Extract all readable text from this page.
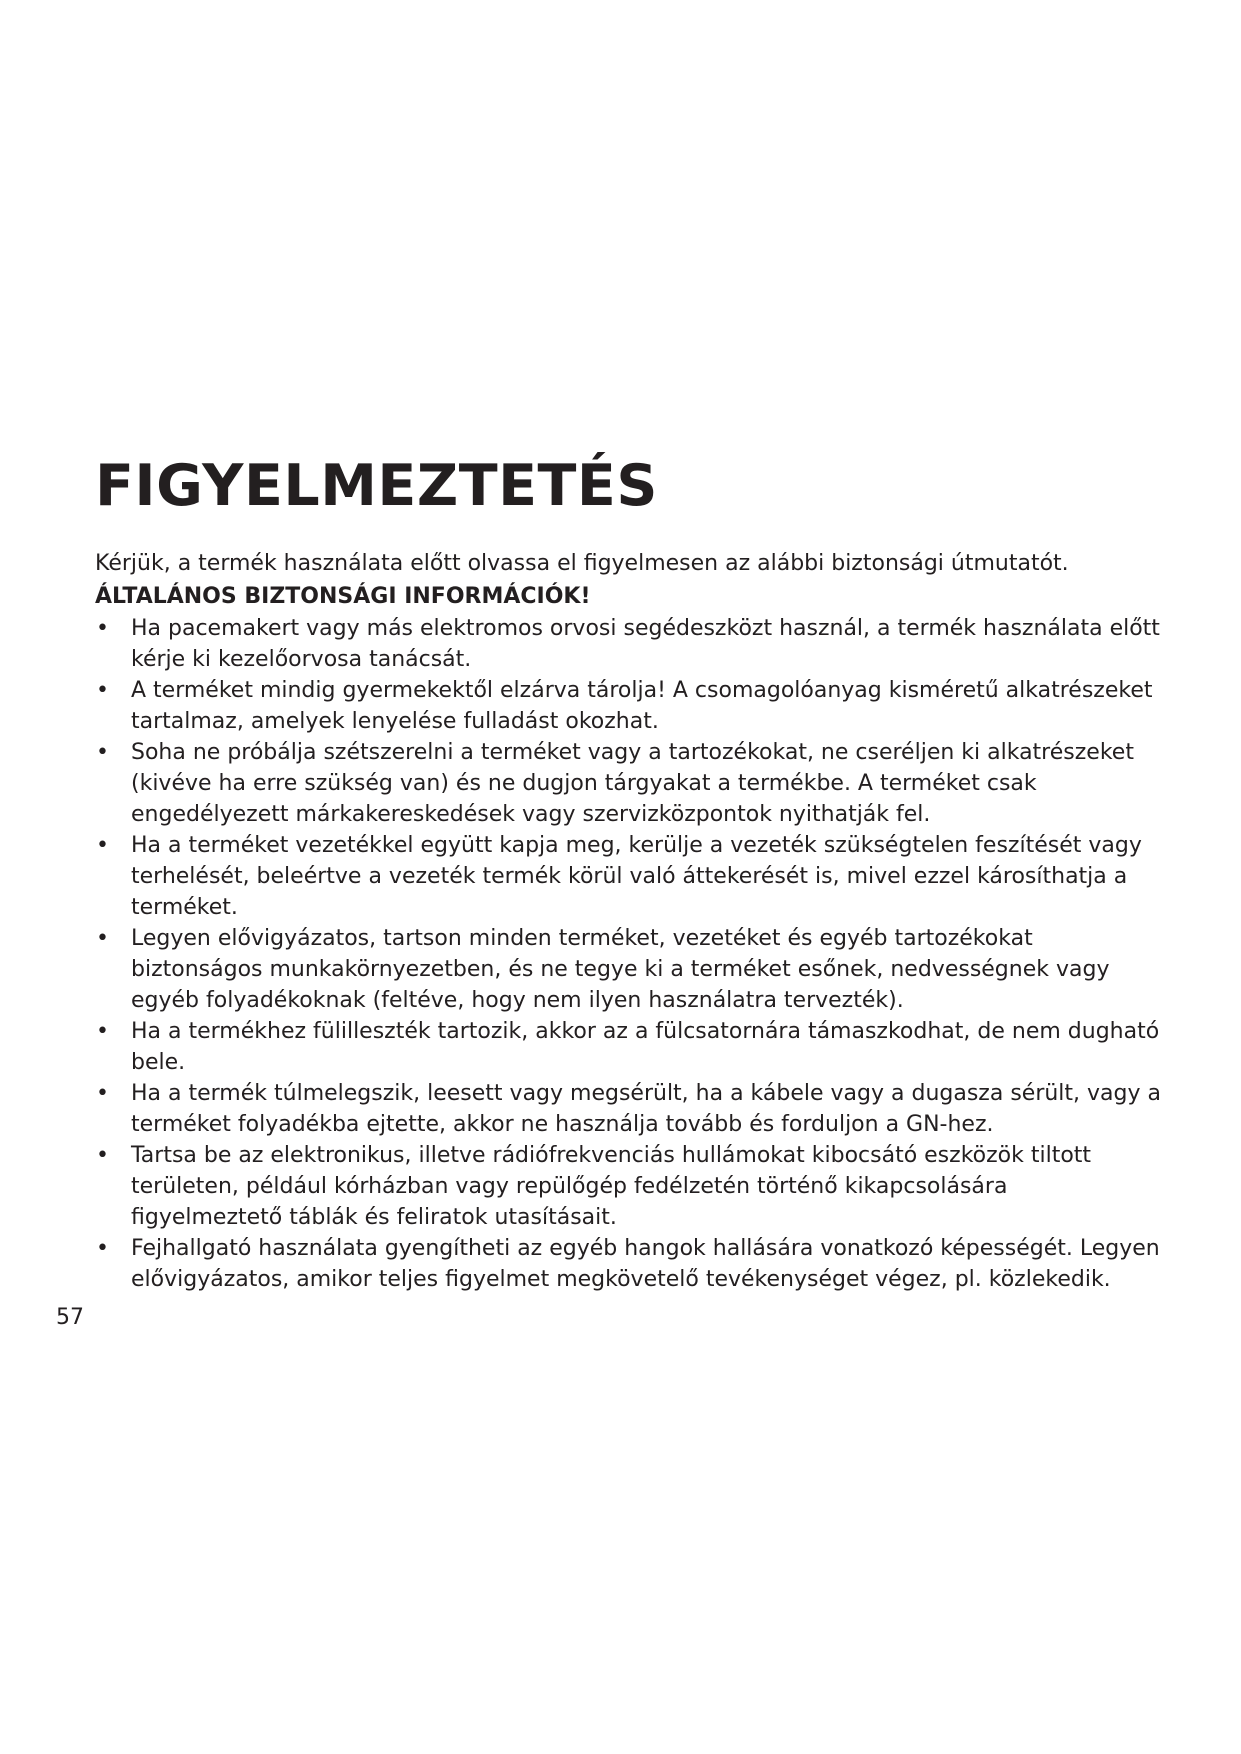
FIGYELMEZTETÉS

Kérjük, a termék használata előtt olvassa el figyelmesen az alábbi biztonsági útmutatót.

ÁLTALÁNOS BIZTONSÁGI INFORMÁCIÓK!

• Ha pacemakert vagy más elektromos orvosi segédeszközt használ, a termék használata előtt kérje ki kezelőorvosa tanácsát.
• A terméket mindig gyermekektől elzárva tárolja! A csomagolóanyag kisméretű alkatrészeket tartalmaz, amelyek lenyelése fulladást okozhat.
• Soha ne próbálja szétszerelni a terméket vagy a tartozékokat, ne cseréljen ki alkatrészeket (kivéve ha erre szükség van) és ne dugjon tárgyakat a termékbe. A terméket csak engedélyezett márkakereskedések vagy szervizközpontok nyithatják fel.
• Ha a terméket vezetékkel együtt kapja meg, kerülje a vezeték szükségtelen feszítését vagy terhelését, beleértve a vezeték termék körül való áttekerését is, mivel ezzel károsíthatja a terméket.
• Legyen elővigyázatos, tartson minden terméket, vezetéket és egyéb tartozékokat biztonságos munkakörnyezetben, és ne tegye ki a terméket esőnek, nedvességnek vagy egyéb folyadékoknak (feltéve, hogy nem ilyen használatra tervezték).
• Ha a termékhez fülilleszték tartozik, akkor az a fülcsatornára támaszkodhat, de nem dugható bele.
• Ha a termék túlmelegszik, leesett vagy megsérült, ha a kábele vagy a dugasza sérült, vagy a terméket folyadékba ejtette, akkor ne használja tovább és forduljon a GN-hez.
• Tartsa be az elektronikus, illetve rádiófrekvenciás hullámokat kibocsátó eszközök tiltott területen, például kórházban vagy repülőgép fedélzetén történő kikapcsolására figyelmeztető táblák és feliratok utasításait.
• Fejhallgató használata gyengítheti az egyéb hangok hallására vonatkozó képességét. Legyen elővigyázatos, amikor teljes figyelmet megkövetelő tevékenységet végez, pl. közlekedik.
57
